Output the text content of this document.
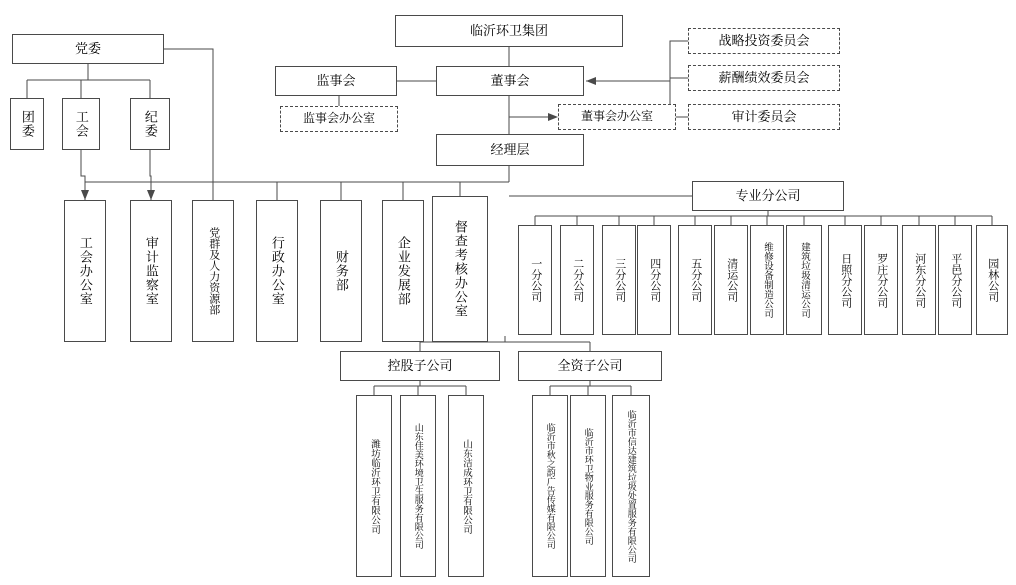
临沂环卫集团
党委
监事会	董事会
战略投资委员会
薪酬绩效委员会
审计委员会
监事会办公室	董事会办公室
经理层
团委	工会	纪委
工会办公室	审计监察室	党群及人力资源部	行政办公室	财务部	企业发展部	督查考核办公室
专业分公司
一分公司	二分公司	三分公司 四分公司	五分公司 清运公司	维修设备制造公司	建筑垃圾清运公司	日照分公司 罗庄分公司 河东分公司 平邑分公司 园林公司
控股子公司	全资子公司
潍坊临沂环卫有限公司	山东佳美环境卫生服务有限公司	山东洁成环卫有限公司	临沂市秋之韵广告传媒有限公司	临沂市环卫物业服务有限公司	临沂市信达建筑垃圾处置服务有限公司
